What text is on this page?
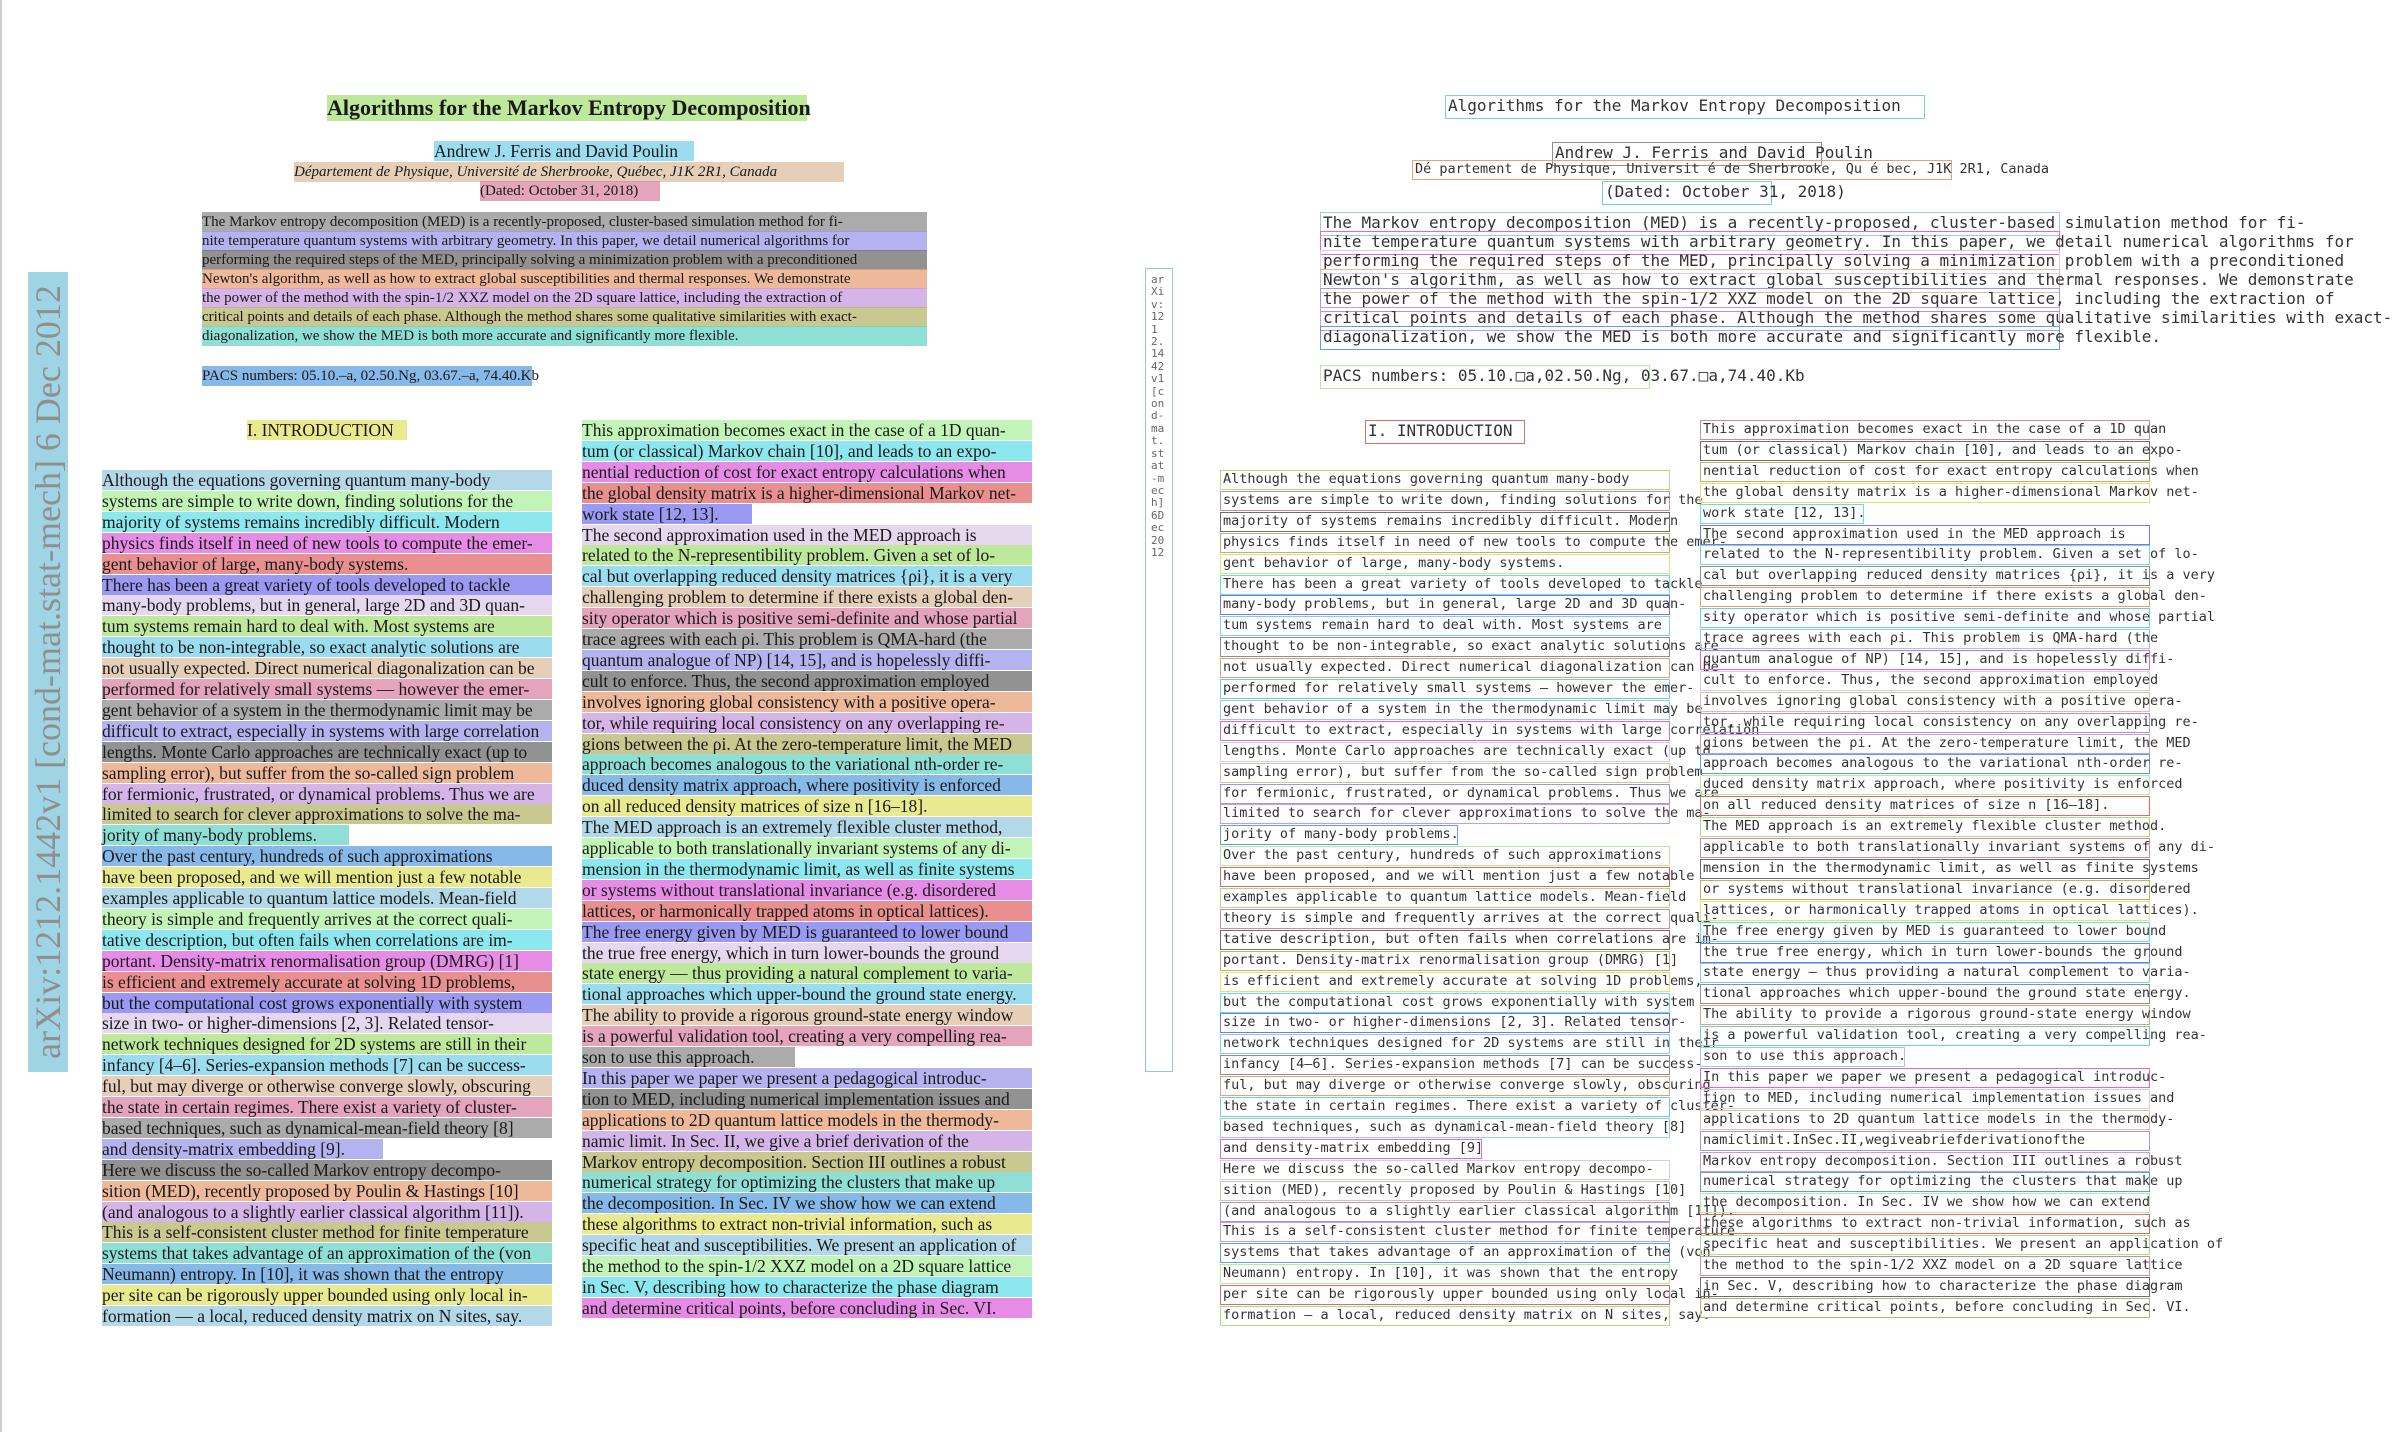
arXiv:1212.1442v1 [cond-mat.stat-mech] 6 Dec 2012
Algorithms for the Markov Entropy Decomposition
Andrew J. Ferris and David Poulin
Département de Physique, Université de Sherbrooke, Québec, J1K 2R1, Canada
(Dated: October 31, 2018)
The Markov entropy decomposition (MED) is a recently-proposed, cluster-based simulation method for fi-
nite temperature quantum systems with arbitrary geometry. In this paper, we detail numerical algorithms for
performing the required steps of the MED, principally solving a minimization problem with a preconditioned
Newton's algorithm, as well as how to extract global susceptibilities and thermal responses. We demonstrate
the power of the method with the spin-1/2 XXZ model on the 2D square lattice, including the extraction of
critical points and details of each phase. Although the method shares some qualitative similarities with exact-
diagonalization, we show the MED is both more accurate and significantly more flexible.
PACS numbers: 05.10.–a, 02.50.Ng, 03.67.–a, 74.40.Kb
I. INTRODUCTION
Although the equations governing quantum many-body
systems are simple to write down, finding solutions for the
majority of systems remains incredibly difficult. Modern
physics finds itself in need of new tools to compute the emer-
gent behavior of large, many-body systems.
There has been a great variety of tools developed to tackle
many-body problems, but in general, large 2D and 3D quan-
tum systems remain hard to deal with. Most systems are
thought to be non-integrable, so exact analytic solutions are
not usually expected. Direct numerical diagonalization can be
performed for relatively small systems — however the emer-
gent behavior of a system in the thermodynamic limit may be
difficult to extract, especially in systems with large correlation
lengths. Monte Carlo approaches are technically exact (up to
sampling error), but suffer from the so-called sign problem
for fermionic, frustrated, or dynamical problems. Thus we are
limited to search for clever approximations to solve the ma-
jority of many-body problems.
Over the past century, hundreds of such approximations
have been proposed, and we will mention just a few notable
examples applicable to quantum lattice models. Mean-field
theory is simple and frequently arrives at the correct quali-
tative description, but often fails when correlations are im-
portant. Density-matrix renormalisation group (DMRG) [1]
is efficient and extremely accurate at solving 1D problems,
but the computational cost grows exponentially with system
size in two- or higher-dimensions [2, 3]. Related tensor-
network techniques designed for 2D systems are still in their
infancy [4–6]. Series-expansion methods [7] can be success-
ful, but may diverge or otherwise converge slowly, obscuring
the state in certain regimes. There exist a variety of cluster-
based techniques, such as dynamical-mean-field theory [8]
and density-matrix embedding [9].
Here we discuss the so-called Markov entropy decompo-
sition (MED), recently proposed by Poulin & Hastings [10]
(and analogous to a slightly earlier classical algorithm [11]).
This is a self-consistent cluster method for finite temperature
systems that takes advantage of an approximation of the (von
Neumann) entropy. In [10], it was shown that the entropy
per site can be rigorously upper bounded using only local in-
formation — a local, reduced density matrix on N sites, say.
This approximation becomes exact in the case of a 1D quan-
tum (or classical) Markov chain [10], and leads to an expo-
nential reduction of cost for exact entropy calculations when
the global density matrix is a higher-dimensional Markov net-
work state [12, 13].
The second approximation used in the MED approach is
related to the N-representibility problem. Given a set of lo-
cal but overlapping reduced density matrices {ρi}, it is a very
challenging problem to determine if there exists a global den-
sity operator which is positive semi-definite and whose partial
trace agrees with each ρi. This problem is QMA-hard (the
quantum analogue of NP) [14, 15], and is hopelessly diffi-
cult to enforce. Thus, the second approximation employed
involves ignoring global consistency with a positive opera-
tor, while requiring local consistency on any overlapping re-
gions between the ρi. At the zero-temperature limit, the MED
approach becomes analogous to the variational nth-order re-
duced density matrix approach, where positivity is enforced
on all reduced density matrices of size n [16–18].
The MED approach is an extremely flexible cluster method,
applicable to both translationally invariant systems of any di-
mension in the thermodynamic limit, as well as finite systems
or systems without translational invariance (e.g. disordered
lattices, or harmonically trapped atoms in optical lattices).
The free energy given by MED is guaranteed to lower bound
the true free energy, which in turn lower-bounds the ground
state energy — thus providing a natural complement to varia-
tional approaches which upper-bound the ground state energy.
The ability to provide a rigorous ground-state energy window
is a powerful validation tool, creating a very compelling rea-
son to use this approach.
In this paper we paper we present a pedagogical introduc-
tion to MED, including numerical implementation issues and
applications to 2D quantum lattice models in the thermody-
namic limit. In Sec. II, we give a brief derivation of the
Markov entropy decomposition. Section III outlines a robust
numerical strategy for optimizing the clusters that make up
the decomposition. In Sec. IV we show how we can extend
these algorithms to extract non-trivial information, such as
specific heat and susceptibilities. We present an application of
the method to the spin-1/2 XXZ model on a 2D square lattice
in Sec. V, describing how to characterize the phase diagram
and determine critical points, before concluding in Sec. VI.
Algorithms for the Markov Entropy Decomposition
Andrew J. Ferris and David Poulin
Dé partement de Physique, Universit é de Sherbrooke, Qu é bec, J1K 2R1, Canada
(Dated: October 31, 2018)
The Markov entropy decomposition (MED) is a recently-proposed, cluster-based simulation method for fi-
nite temperature quantum systems with arbitrary geometry. In this paper, we detail numerical algorithms for
performing the required steps of the MED, principally solving a minimization problem with a preconditioned
Newton's algorithm, as well as how to extract global susceptibilities and thermal responses. We demonstrate
the power of the method with the spin-1/2 XXZ model on the 2D square lattice, including the extraction of
critical points and details of each phase. Although the method shares some qualitative similarities with exact-
diagonalization, we show the MED is both more accurate and significantly more flexible.
PACS numbers: 05.10.□a,02.50.Ng, 03.67.□a,74.40.Kb
I. INTRODUCTION
Although the equations governing quantum many-body
systems are simple to write down, finding solutions for the
majority of systems remains incredibly difficult. Modern
physics finds itself in need of new tools to compute the emer-
gent behavior of large, many-body systems.
There has been a great variety of tools developed to tackle
many-body problems, but in general, large 2D and 3D quan-
tum systems remain hard to deal with. Most systems are
thought to be non-integrable, so exact analytic solutions are
not usually expected. Direct numerical diagonalization can be
performed for relatively small systems — however the emer-
gent behavior of a system in the thermodynamic limit may be
difficult to extract, especially in systems with large correlation
lengths. Monte Carlo approaches are technically exact (up to
sampling error), but suffer from the so-called sign problem
for fermionic, frustrated, or dynamical problems. Thus we are
limited to search for clever approximations to solve the ma-
jority of many-body problems.
Over the past century, hundreds of such approximations
have been proposed, and we will mention just a few notable
examples applicable to quantum lattice models. Mean-field
theory is simple and frequently arrives at the correct quali-
tative description, but often fails when correlations are im-
portant. Density-matrix renormalisation group (DMRG) [1]
is efficient and extremely accurate at solving 1D problems,
but the computational cost grows exponentially with system
size in two- or higher-dimensions [2, 3]. Related tensor-
network techniques designed for 2D systems are still in their
infancy [4–6]. Series-expansion methods [7] can be success-
ful, but may diverge or otherwise converge slowly, obscuring
the state in certain regimes. There exist a variety of cluster-
based techniques, such as dynamical-mean-field theory [8]
and density-matrix embedding [9]
Here we discuss the so-called Markov entropy decompo-
sition (MED), recently proposed by Poulin & Hastings [10]
(and analogous to a slightly earlier classical algorithm [11]).
This is a self-consistent cluster method for finite temperature
systems that takes advantage of an approximation of the (von
Neumann) entropy. In [10], it was shown that the entropy
per site can be rigorously upper bounded using only local in-
formation — a local, reduced density matrix on N sites, say.
This approximation becomes exact in the case of a 1D quan
tum (or classical) Markov chain [10], and leads to an expo-
nential reduction of cost for exact entropy calculations when
the global density matrix is a higher-dimensional Markov net-
work state [12, 13].
The second approximation used in the MED approach is
related to the N-representibility problem. Given a set of lo-
cal but overlapping reduced density matrices {ρi}, it is a very
challenging problem to determine if there exists a global den-
sity operator which is positive semi-definite and whose partial
trace agrees with each ρi. This problem is QMA-hard (the
quantum analogue of NP) [14, 15], and is hopelessly diffi-
cult to enforce. Thus, the second approximation employed
involves ignoring global consistency with a positive opera-
tor, while requiring local consistency on any overlapping re-
gions between the ρi. At the zero-temperature limit, the MED
approach becomes analogous to the variational nth-order re-
duced density matrix approach, where positivity is enforced
on all reduced density matrices of size n [16–18].
The MED approach is an extremely flexible cluster method.
applicable to both translationally invariant systems of any di-
mension in the thermodynamic limit, as well as finite systems
or systems without translational invariance (e.g. disordered
lattices, or harmonically trapped atoms in optical lattices).
The free energy given by MED is guaranteed to lower bound
the true free energy, which in turn lower-bounds the ground
state energy — thus providing a natural complement to varia-
tional approaches which upper-bound the ground state energy.
The ability to provide a rigorous ground-state energy window
is a powerful validation tool, creating a very compelling rea-
son to use this approach.
In this paper we paper we present a pedagogical introduc-
tion to MED, including numerical implementation issues and
applications to 2D quantum lattice models in the thermody-
namiclimit.InSec.II,wegiveabriefderivationofthe
Markov entropy decomposition. Section III outlines a robust
numerical strategy for optimizing the clusters that make up
the decomposition. In Sec. IV we show how we can extend
these algorithms to extract non-trivial information, such as
specific heat and susceptibilities. We present an application of
the method to the spin-1/2 XXZ model on a 2D square lattice
in Sec. V, describing how to characterize the phase diagram
and determine critical points, before concluding in Sec. VI.
arXiv:1212.1442v1 [cond-mat.stat-mech] 6Dec2012
